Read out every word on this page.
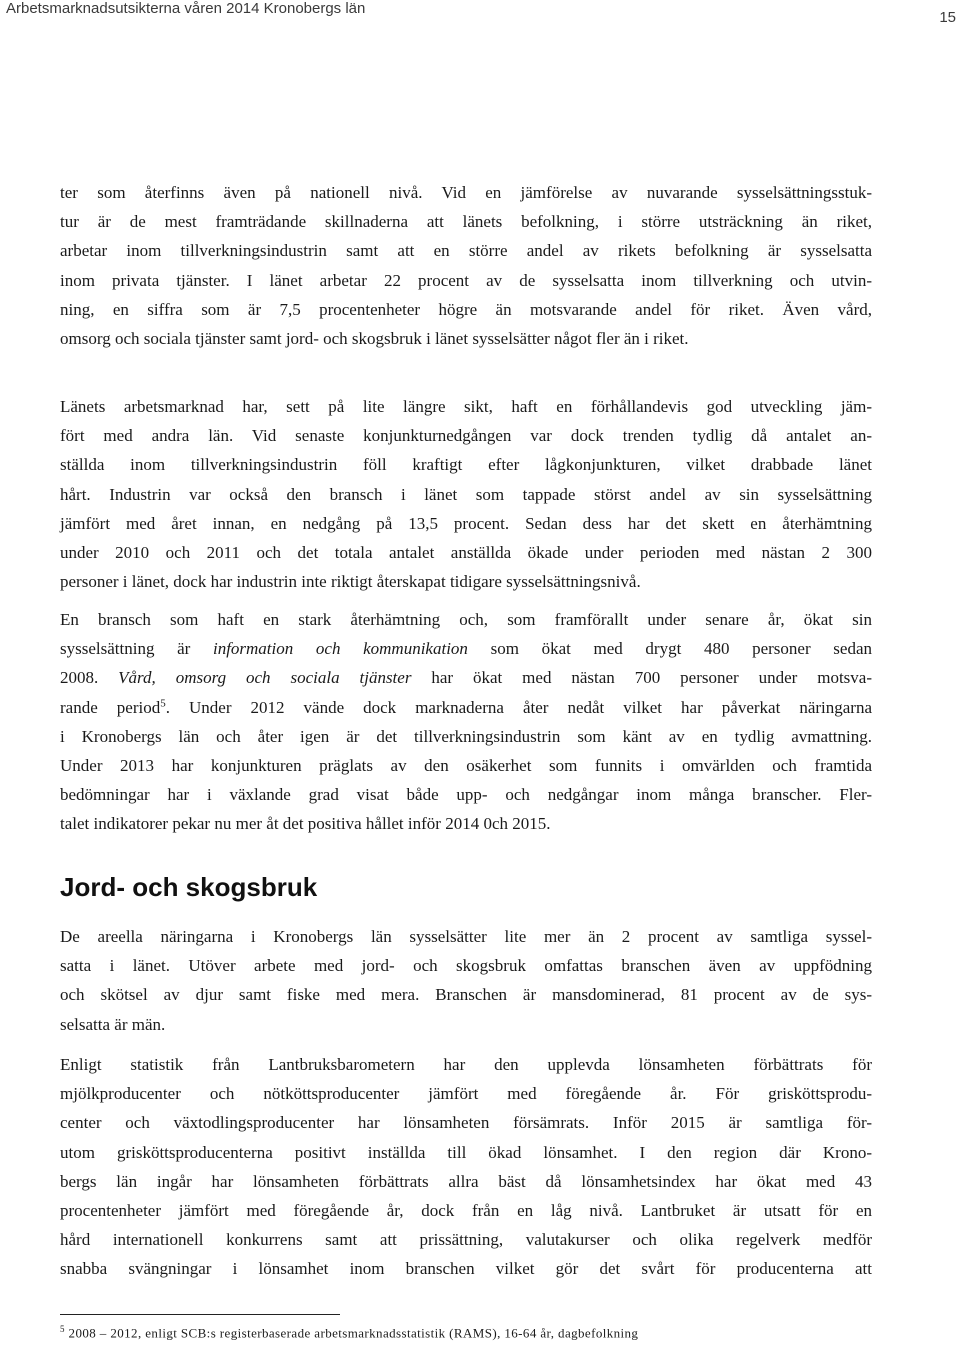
Arbetsmarknadsutsikterna våren 2014 Kronobergs län
15

ter som återfinns även på nationell nivå. Vid en jämförelse av nuvarande sysselsättningsstuk-
tur är de mest framträdande skillnaderna att länets befolkning, i större utsträckning än riket,
arbetar inom tillverkningsindustrin samt att en större andel av rikets befolkning är sysselsatta
inom privata tjänster. I länet arbetar 22 procent av de sysselsatta inom tillverkning och utvin-
ning, en siffra som är 7,5 procentenheter högre än motsvarande andel för riket. Även vård,
omsorg och sociala tjänster samt jord- och skogsbruk i länet sysselsätter något fler än i riket.

Länets arbetsmarknad har, sett på lite längre sikt, haft en förhållandevis god utveckling jäm-
fört med andra län. Vid senaste konjunkturnedgången var dock trenden tydlig då antalet an-
ställda inom tillverkningsindustrin föll kraftigt efter lågkonjunkturen, vilket drabbade länet
hårt. Industrin var också den bransch i länet som tappade störst andel av sin sysselsättning
jämfört med året innan, en nedgång på 13,5 procent. Sedan dess har det skett en återhämtning
under 2010 och 2011 och det totala antalet anställda ökade under perioden med nästan 2 300
personer i länet, dock har industrin inte riktigt återskapat tidigare sysselsättningsnivå.

En bransch som haft en stark återhämtning och, som framförallt under senare år, ökat sin
sysselsättning är information och kommunikation som ökat med drygt 480 personer sedan
2008. Vård, omsorg och sociala tjänster har ökat med nästan 700 personer under motsva-
rande period$^5$. Under 2012 vände dock marknaderna åter nedåt vilket har påverkat näringarna
i Kronobergs län och åter igen är det tillverkningsindustrin som känt av en tydlig avmattning.
Under 2013 har konjunkturen präglats av den osäkerhet som funnits i omvärlden och framtida
bedömningar har i växlande grad visat både upp- och nedgångar inom många branscher. Fler-
talet indikatorer pekar nu mer åt det positiva hållet inför 2014 0ch 2015.

Jord- och skogsbruk

De areella näringarna i Kronobergs län sysselsätter lite mer än 2 procent av samtliga syssel-
satta i länet. Utöver arbete med jord- och skogsbruk omfattas branschen även av uppfödning
och skötsel av djur samt fiske med mera. Branschen är mansdominerad, 81 procent av de sys-
selsatta är män.

Enligt statistik från Lantbruksbarometern har den upplevda lönsamheten förbättrats för
mjölkproducenter och nötköttsproducenter jämfört med föregående år. För grisköttsprodu-
center och växtodlingsproducenter har lönsamheten försämrats. Inför 2015 är samtliga för-
utom grisköttsproducenterna positivt inställda till ökad lönsamhet. I den region där Krono-
bergs län ingår har lönsamheten förbättrats allra bäst då lönsamhetsindex har ökat med 43
procentenheter jämfört med föregående år, dock från en låg nivå. Lantbruket är utsatt för en
hård internationell konkurrens samt att prissättning, valutakurser och olika regelverk medför
snabba svängningar i lönsamhet inom branschen vilket gör det svårt för producenterna att

$^5$ 2008 – 2012, enligt SCB:s registerbaserade arbetsmarknadsstatistik (RAMS), 16-64 år, dagbefolkning
